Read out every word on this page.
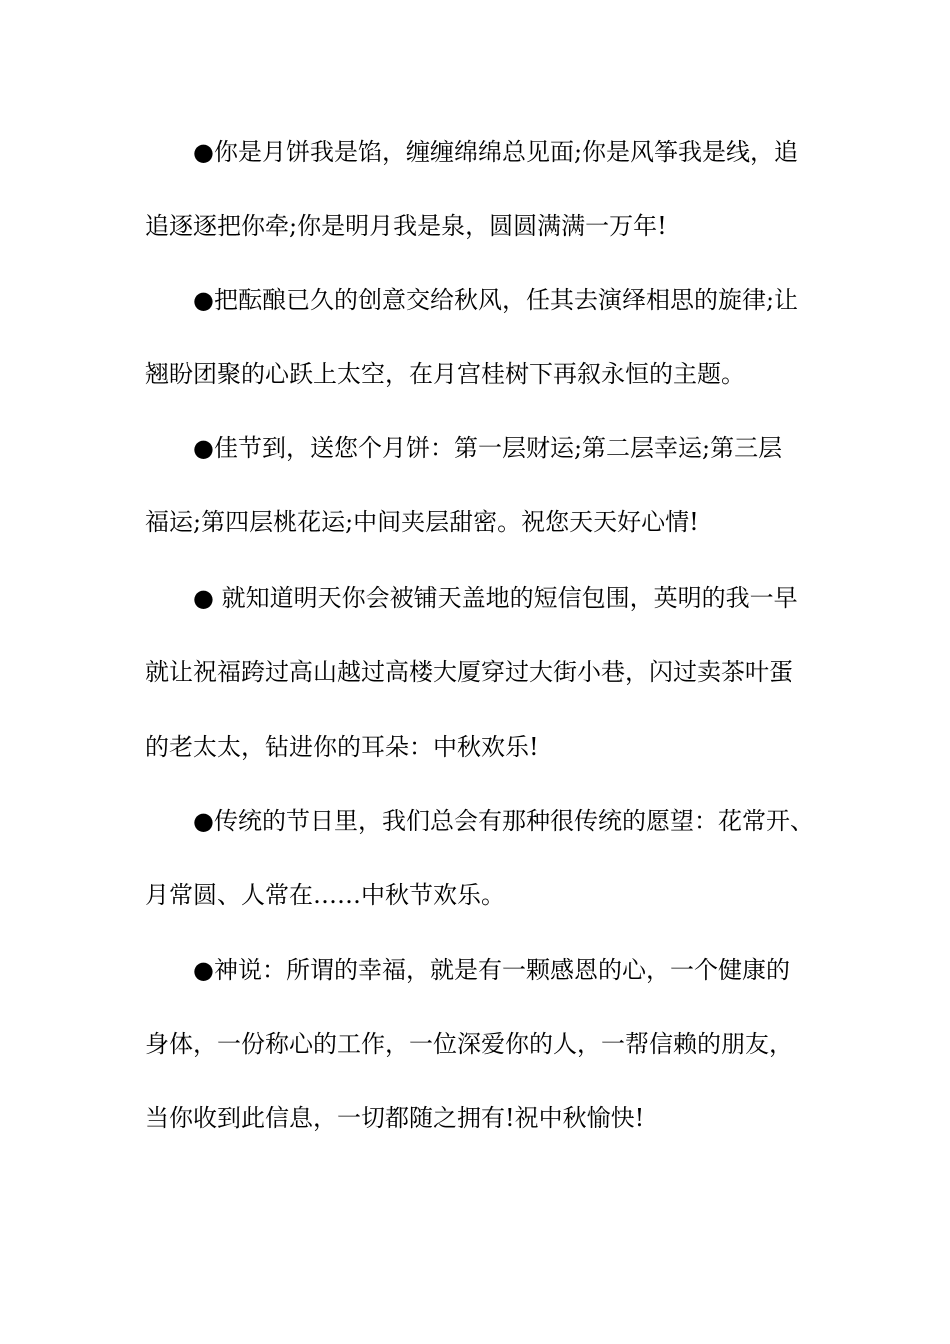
●你是月饼我是馅，缠缠绵绵总见面;你是风筝我是线，追
追逐逐把你牵;你是明月我是泉，圆圆满满一万年!
●把酝酿已久的创意交给秋风，任其去演绎相思的旋律;让
翘盼团聚的心跃上太空，在月宫桂树下再叙永恒的主题。
●佳节到，送您个月饼：第一层财运;第二层幸运;第三层
福运;第四层桃花运;中间夹层甜密。祝您天天好心情!
● 就知道明天你会被铺天盖地的短信包围，英明的我一早
就让祝福跨过高山越过高楼大厦穿过大街小巷，闪过卖茶叶蛋
的老太太，钻进你的耳朵：中秋欢乐!
●传统的节日里，我们总会有那种很传统的愿望：花常开、
月常圆、人常在……中秋节欢乐。
●神说：所谓的幸福，就是有一颗感恩的心，一个健康的
身体，一份称心的工作，一位深爱你的人，一帮信赖的朋友，
当你收到此信息，一切都随之拥有!祝中秋愉快!
